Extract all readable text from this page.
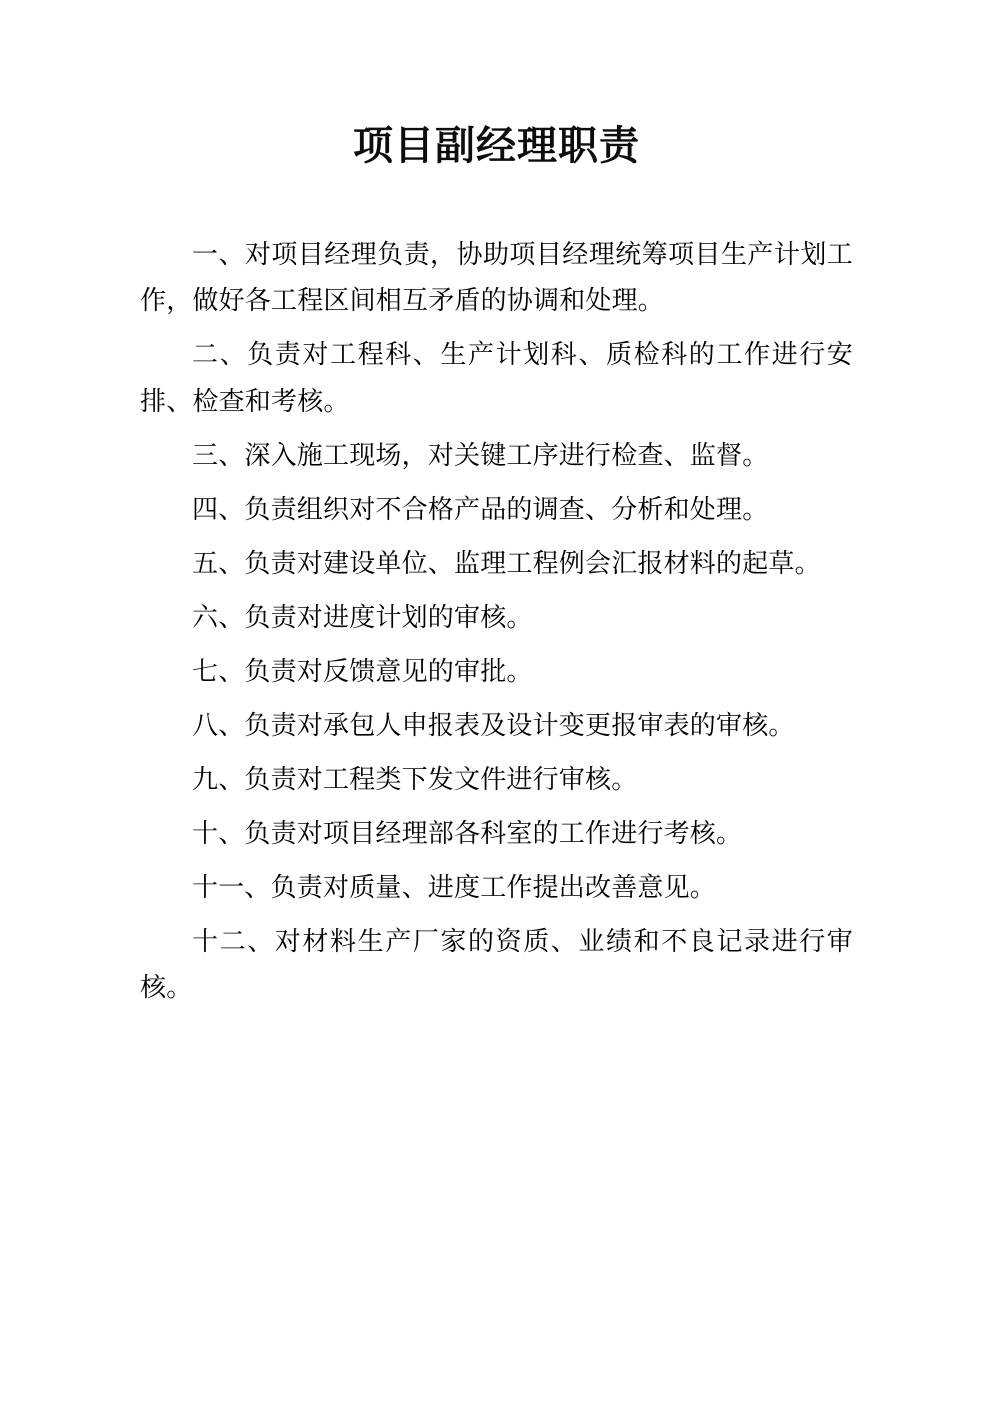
项目副经理职责

一、对项目经理负责，协助项目经理统筹项目生产计划工作，做好各工程区间相互矛盾的协调和处理。

二、负责对工程科、生产计划科、质检科的工作进行安排、检查和考核。

三、深入施工现场，对关键工序进行检查、监督。

四、负责组织对不合格产品的调查、分析和处理。

五、负责对建设单位、监理工程例会汇报材料的起草。

六、负责对进度计划的审核。

七、负责对反馈意见的审批。

八、负责对承包人申报表及设计变更报审表的审核。

九、负责对工程类下发文件进行审核。

十、负责对项目经理部各科室的工作进行考核。

十一、负责对质量、进度工作提出改善意见。

十二、对材料生产厂家的资质、业绩和不良记录进行审核。
